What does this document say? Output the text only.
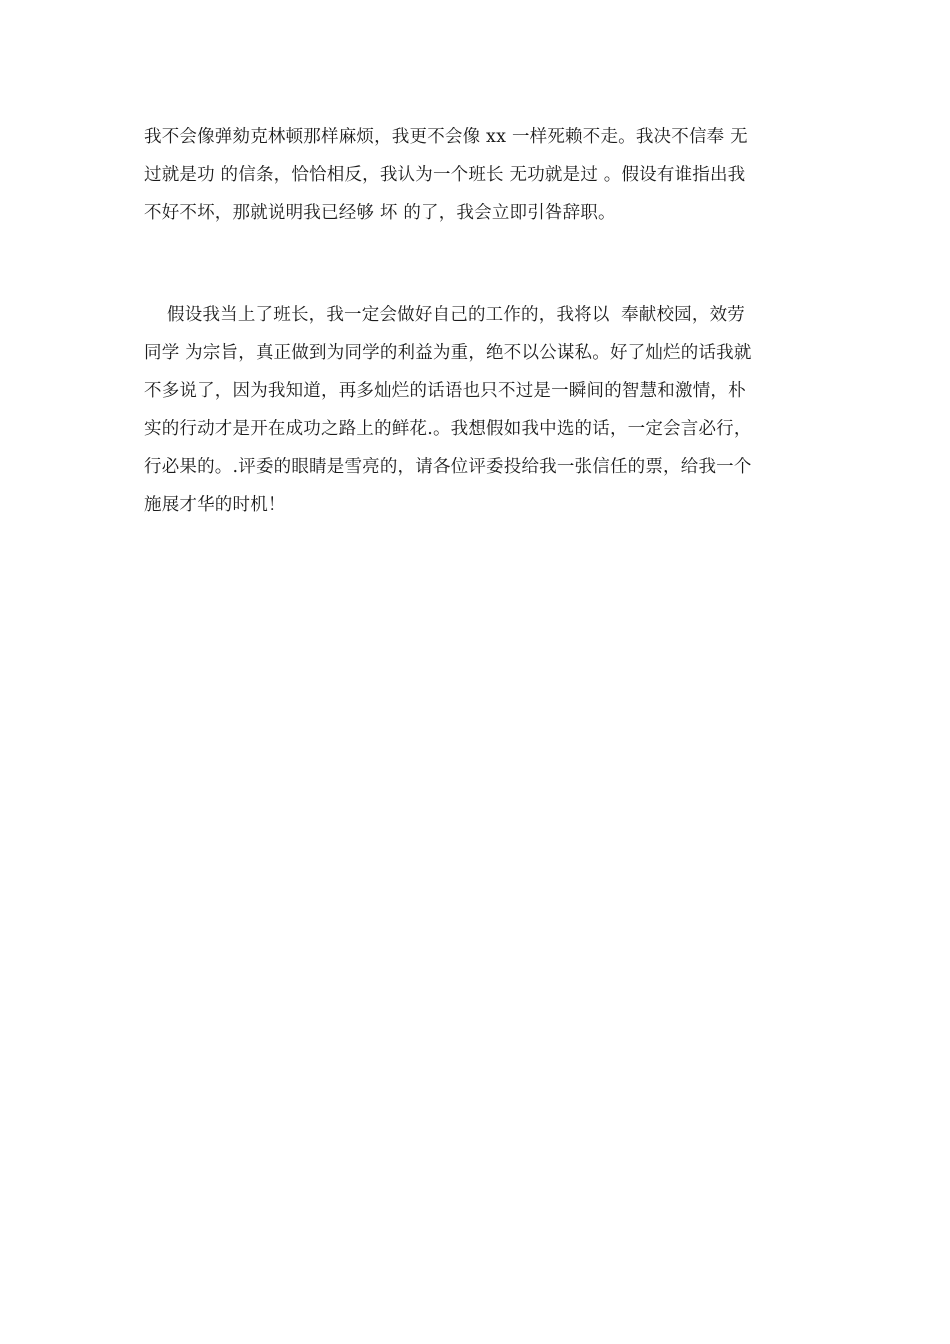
我不会像弹劾克林顿那样麻烦，我更不会像 xx 一样死赖不走。我决不信奉 无
过就是功 的信条，恰恰相反，我认为一个班长 无功就是过 。假设有谁指出我
不好不坏，那就说明我已经够 坏 的了，我会立即引咎辞职。
假设我当上了班长，我一定会做好自己的工作的，我将以  奉献校园，效劳
同学 为宗旨，真正做到为同学的利益为重，绝不以公谋私。好了灿烂的话我就
不多说了，因为我知道，再多灿烂的话语也只不过是一瞬间的智慧和激情，朴
实的行动才是开在成功之路上的鲜花.。我想假如我中选的话，一定会言必行，
行必果的。.评委的眼睛是雪亮的，请各位评委投给我一张信任的票，给我一个
施展才华的时机！
